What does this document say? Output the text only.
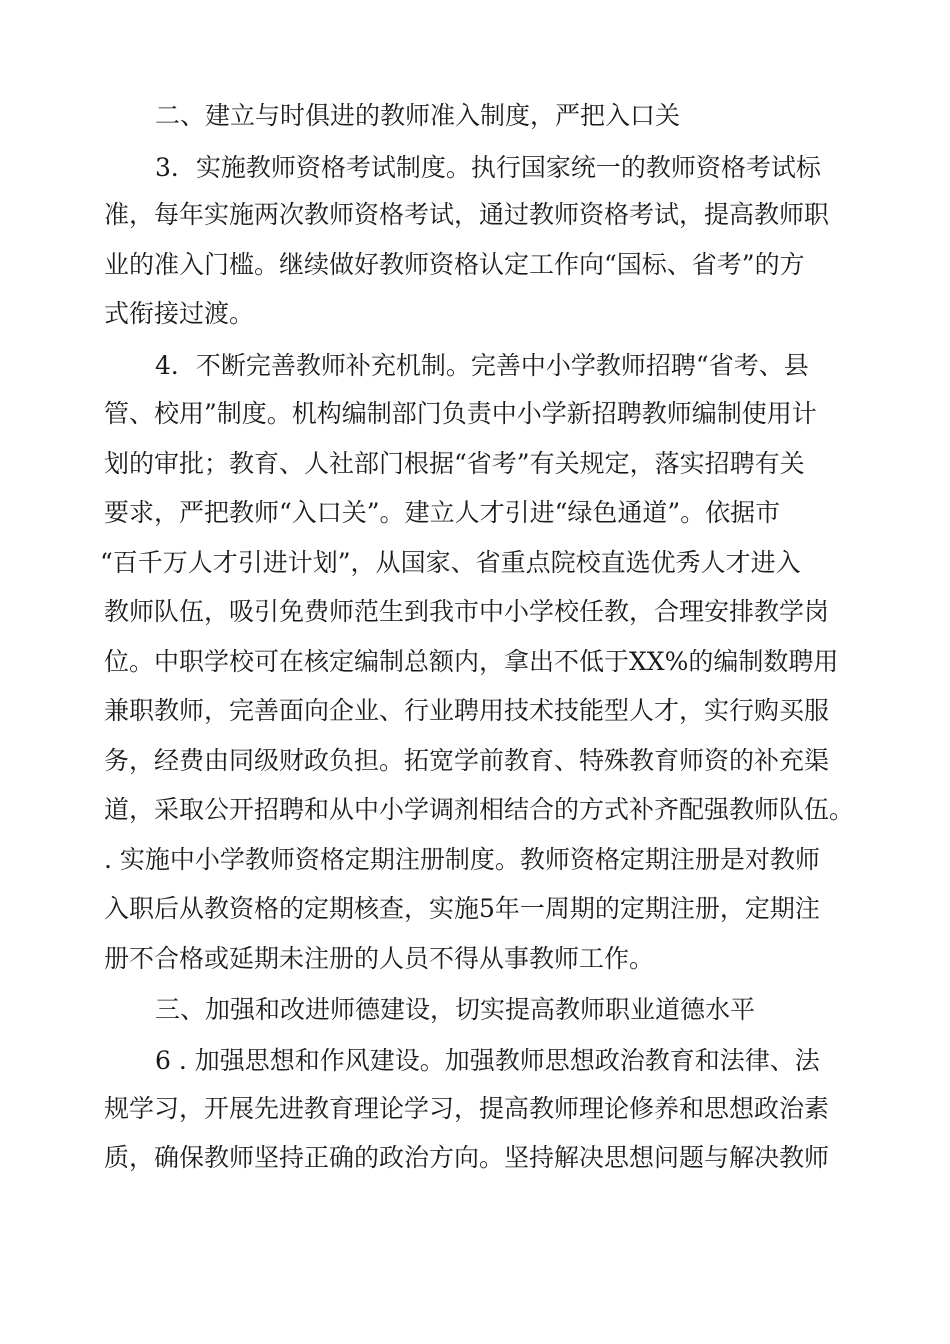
二、建立与时俱进的教师准入制度，严把入口关
3．实施教师资格考试制度。执行国家统一的教师资格考试标
准，每年实施两次教师资格考试，通过教师资格考试，提高教师职
业的准入门槛。继续做好教师资格认定工作向“国标、省考”的方
式衔接过渡。
4．不断完善教师补充机制。完善中小学教师招聘“省考、县
管、校用”制度。机构编制部门负责中小学新招聘教师编制使用计
划的审批；教育、人社部门根据“省考”有关规定，落实招聘有关
要求，严把教师“入口关”。建立人才引进“绿色通道”。依据市
“百千万人才引进计划”，从国家、省重点院校直选优秀人才进入
教师队伍，吸引免费师范生到我市中小学校任教，合理安排教学岗
位。中职学校可在核定编制总额内，拿出不低于XX%的编制数聘用
兼职教师，完善面向企业、行业聘用技术技能型人才，实行购买服
务，经费由同级财政负担。拓宽学前教育、特殊教育师资的补充渠
道，采取公开招聘和从中小学调剂相结合的方式补齐配强教师队伍。
. 实施中小学教师资格定期注册制度。教师资格定期注册是对教师
入职后从教资格的定期核查，实施5年一周期的定期注册，定期注
册不合格或延期未注册的人员不得从事教师工作。
三、加强和改进师德建设，切实提高教师职业道德水平
6 . 加强思想和作风建设。加强教师思想政治教育和法律、法
规学习，开展先进教育理论学习，提高教师理论修养和思想政治素
质，确保教师坚持正确的政治方向。坚持解决思想问题与解决教师
